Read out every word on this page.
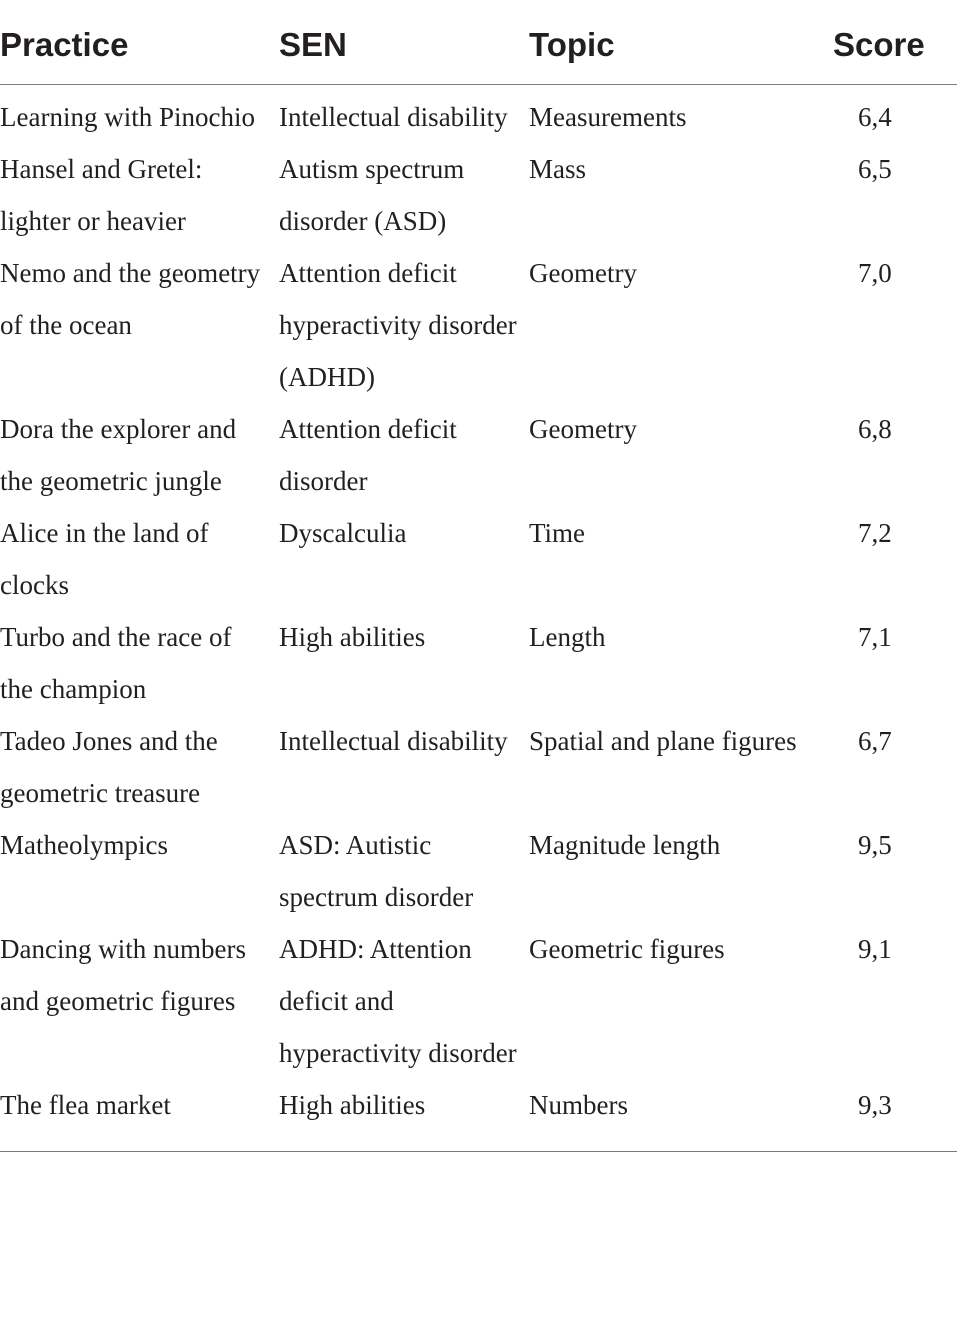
Practice	SEN	Topic	Score

Learning with Pinochio	Intellectual disability	Measurements	6,4

Hansel and Gretel: lighter or heavier	Autism spectrum disorder (ASD)	Mass	6,5

Nemo and the geometry of the ocean	Attention deficit hyperactivity disorder (ADHD)	Geometry	7,0

Dora the explorer and the geometric jungle	Attention deficit disorder	Geometry	6,8

Alice in the land of clocks	Dyscalculia	Time	7,2

Turbo and the race of the champion	High abilities	Length	7,1

Tadeo Jones and the geometric treasure	Intellectual disability	Spatial and plane figures	6,7

Matheolympics	ASD: Autistic spectrum disorder	Magnitude length	9,5

Dancing with numbers and geometric figures	ADHD: Attention deficit and hyperactivity disorder	Geometric figures	9,1

The flea market	High abilities	Numbers	9,3
